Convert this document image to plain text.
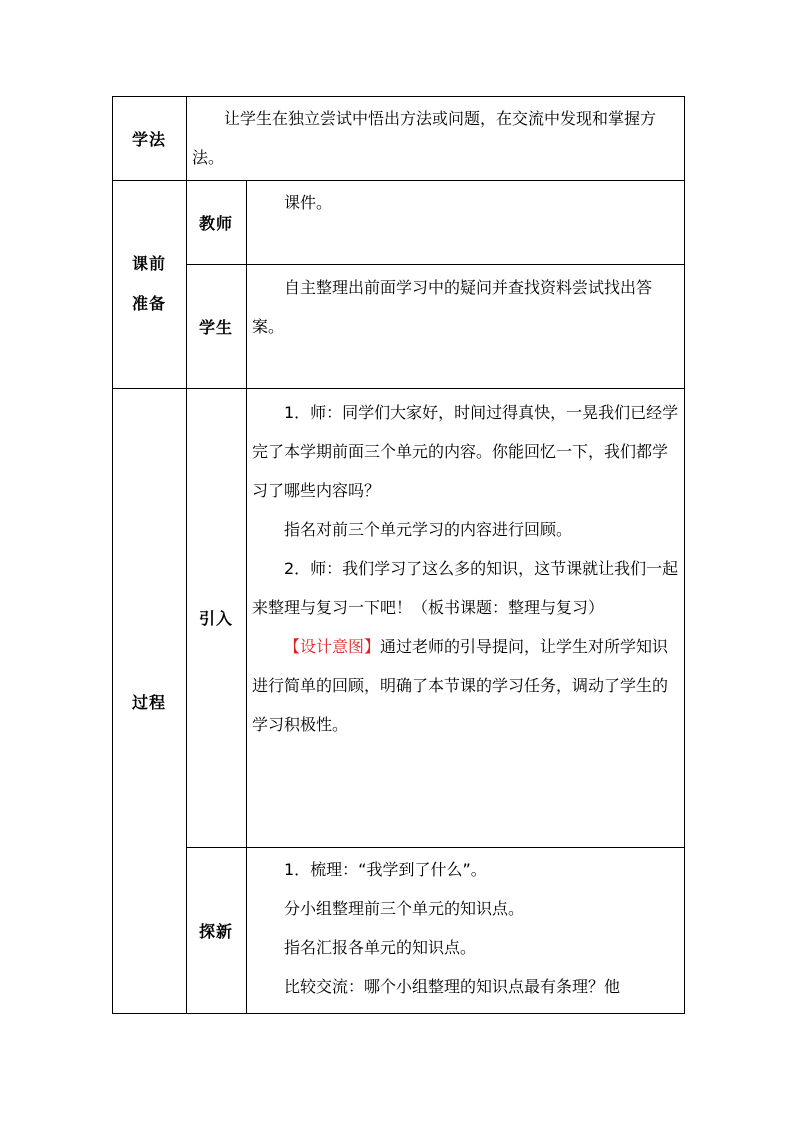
学法

让学生在独立尝试中悟出方法或问题，在交流中发现和掌握方法。

课前
准备
教师

课件。

学生

自主整理出前面学习中的疑问并查找资料尝试找出答案。

过程
引入

1．师：同学们大家好，时间过得真快，一晃我们已经学完了本学期前面三个单元的内容。你能回忆一下，我们都学习了哪些内容吗？

指名对前三个单元学习的内容进行回顾。

2．师：我们学习了这么多的知识，这节课就让我们一起来整理与复习一下吧！（板书课题：整理与复习）

【设计意图】通过老师的引导提问，让学生对所学知识进行简单的回顾，明确了本节课的学习任务，调动了学生的学习积极性。

探新

1．梳理：“我学到了什么”。

分小组整理前三个单元的知识点。

指名汇报各单元的知识点。

比较交流：哪个小组整理的知识点最有条理？他
